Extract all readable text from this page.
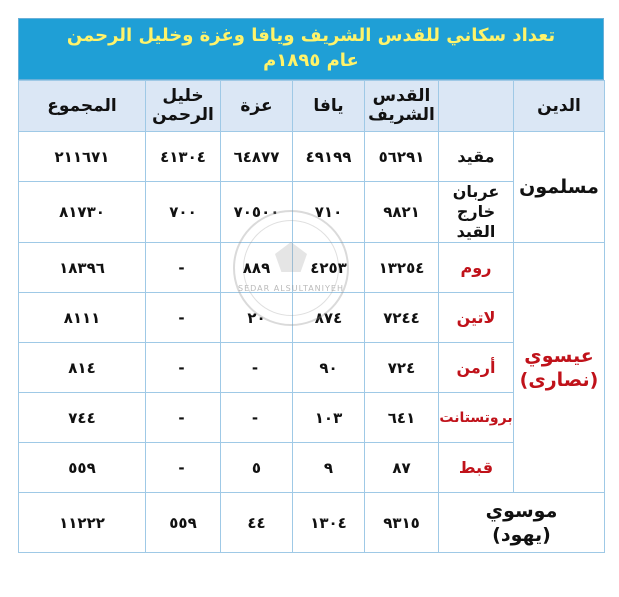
تعداد سكاني للقدس الشريف ويافا وغزة وخليل الرحمن
عام ١٨٩٥م
الدين		القدس الشريف	يافا	عزة	خليل الرحمن	المجموع
مسلمون	مقيد	٥٦٢٩١	٤٩١٩٩	٦٤٨٧٧	٤١٣٠٤	٢١١٦٧١
	عربان خارج القيد	٩٨٢١	٧١٠	٧٠٥٠٠	٧٠٠	٨١٧٣٠

عيسوي
(نصارى)	روم	١٣٢٥٤	٤٢٥٣	٨٨٩	-	١٨٣٩٦
	لاتين	٧٢٤٤	٨٧٤	٢٠	-	٨١١١
	أرمن	٧٢٤	٩٠	-	-	٨١٤
	بروتستانت	٦٤١	١٠٣	-	-	٧٤٤
	قبط	٨٧	٩	٥	-	٥٥٩

موسوي
(يهود)		٩٣١٥	١٣٠٤	٤٤	٥٥٩	١١٢٢٢
SEDAR ALSULTANIYEH
